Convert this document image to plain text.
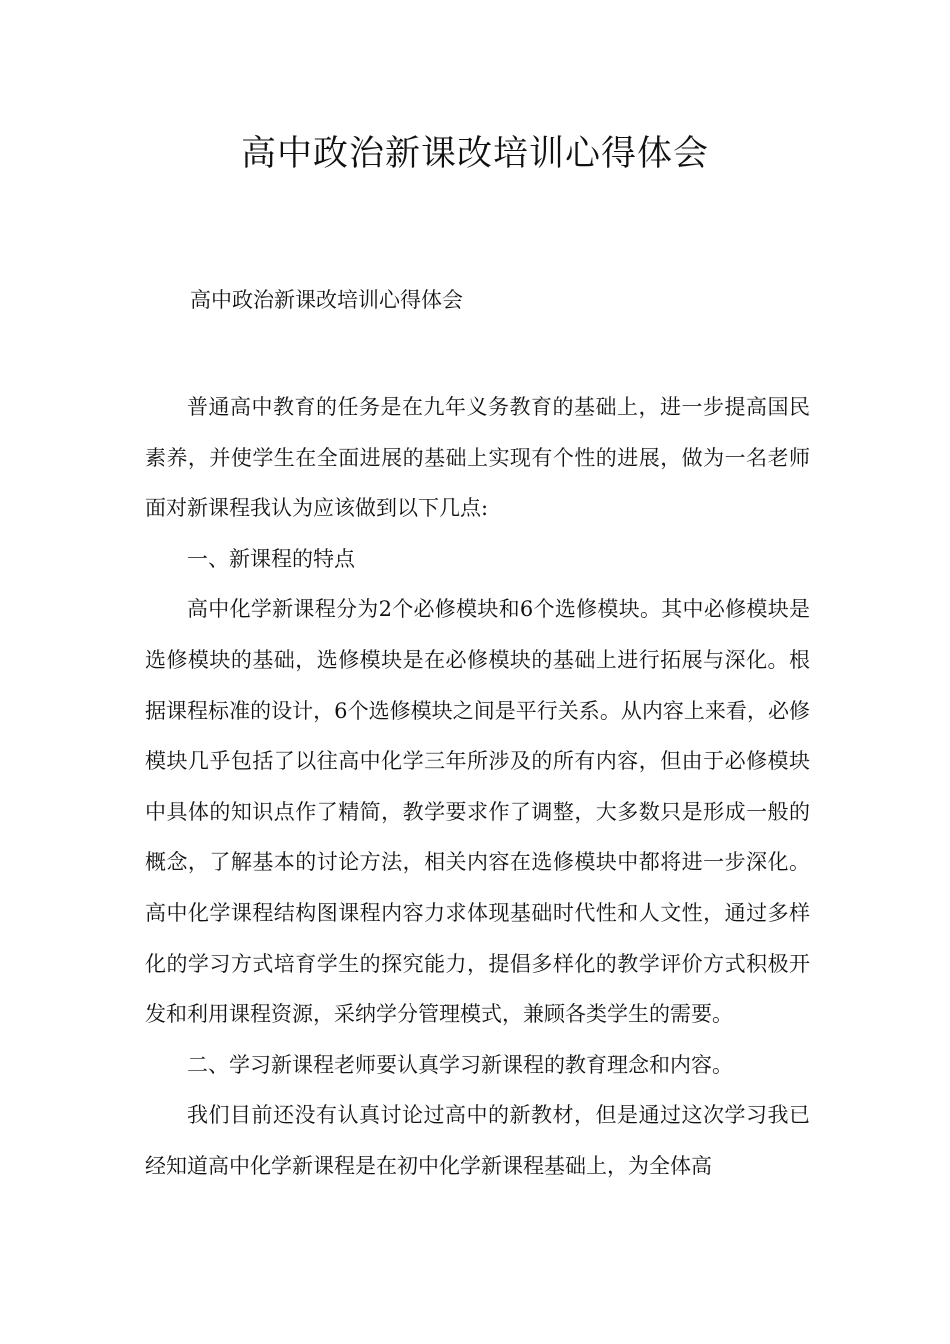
高中政治新课改培训心得体会

高中政治新课改培训心得体会

普通高中教育的任务是在九年义务教育的基础上，进一步提高国民素养，并使学生在全面进展的基础上实现有个性的进展，做为一名老师面对新课程我认为应该做到以下几点:

一、新课程的特点

高中化学新课程分为2个必修模块和6个选修模块。其中必修模块是选修模块的基础，选修模块是在必修模块的基础上进行拓展与深化。根据课程标准的设计，6个选修模块之间是平行关系。从内容上来看，必修模块几乎包括了以往高中化学三年所涉及的所有内容，但由于必修模块中具体的知识点作了精简，教学要求作了调整，大多数只是形成一般的概念，了解基本的讨论方法，相关内容在选修模块中都将进一步深化。高中化学课程结构图课程内容力求体现基础时代性和人文性，通过多样化的学习方式培育学生的探究能力，提倡多样化的教学评价方式积极开发和利用课程资源，采纳学分管理模式，兼顾各类学生的需要。

二、学习新课程老师要认真学习新课程的教育理念和内容。

我们目前还没有认真讨论过高中的新教材，但是通过这次学习我已经知道高中化学新课程是在初中化学新课程基础上，为全体高
